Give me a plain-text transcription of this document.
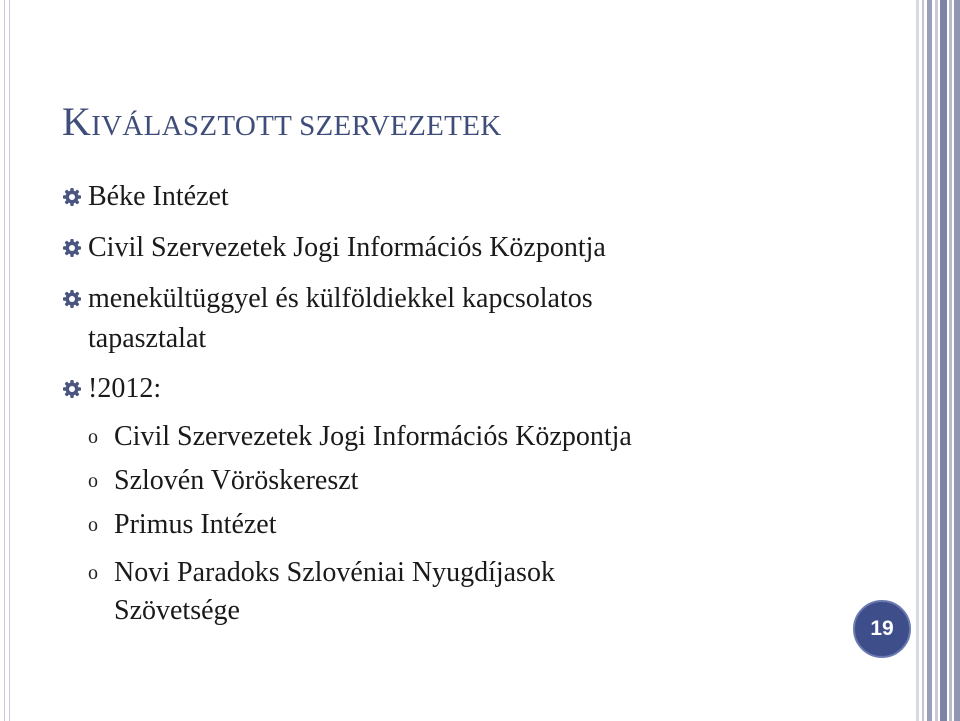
KIVÁLASZTOTT SZERVEZETEK
Béke Intézet
Civil Szervezetek Jogi Információs Központja
menekültüggyel és külföldiekkel kapcsolatos
tapasztalat
!2012:
o Civil Szervezetek Jogi Információs Központja
o Szlovén Vöröskereszt
o Primus Intézet
o Novi Paradoks Szlovéniai Nyugdíjasok
Szövetsége
19
